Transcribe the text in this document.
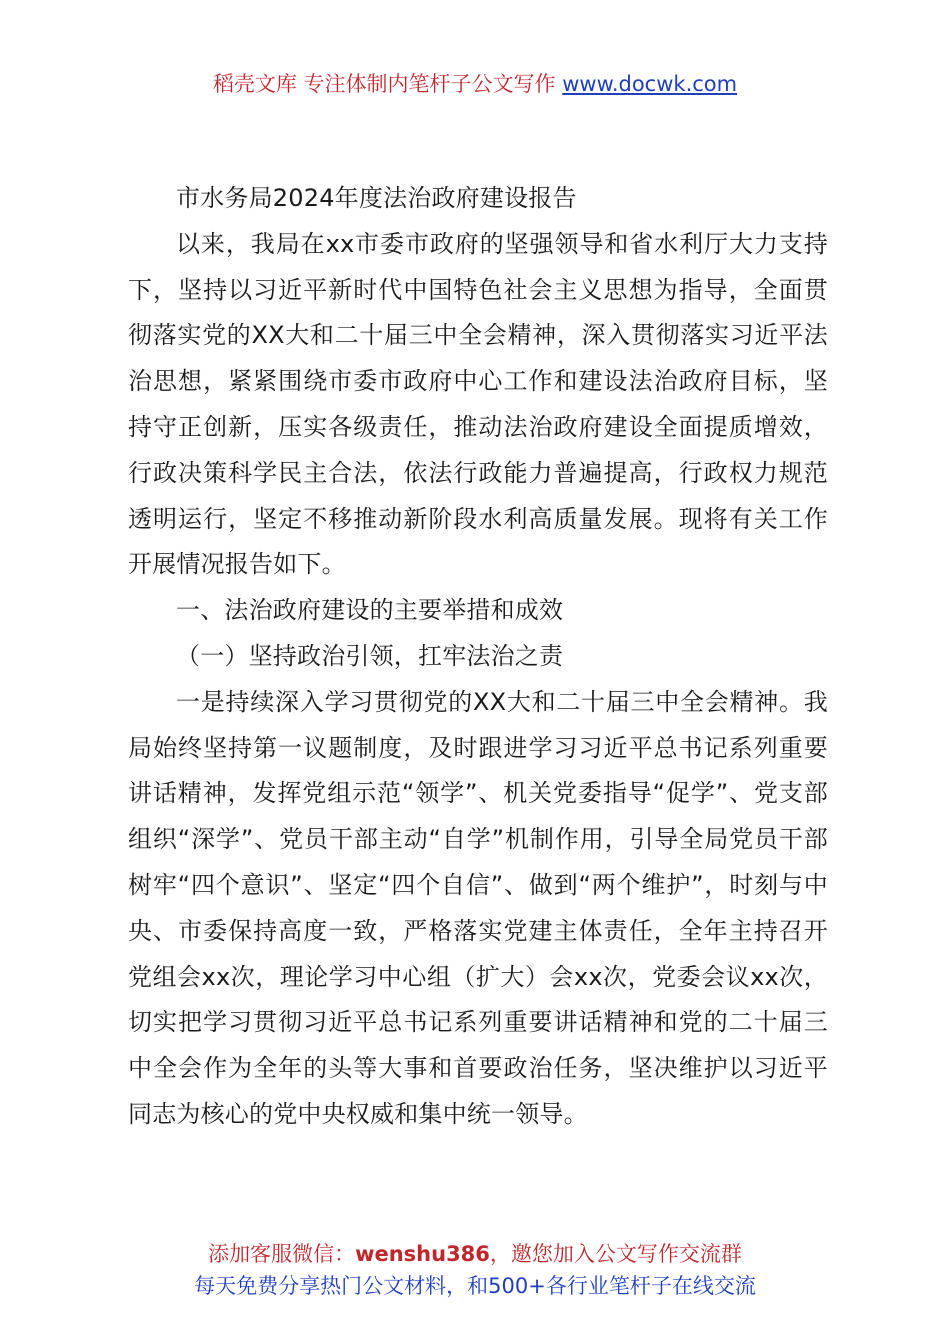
稻壳文库 专注体制内笔杆子公文写作 www.docwk.com

市水务局2024年度法治政府建设报告

以来，我局在xx市委市政府的坚强领导和省水利厅大力支持下，坚持以习近平新时代中国特色社会主义思想为指导，全面贯彻落实党的XX大和二十届三中全会精神，深入贯彻落实习近平法治思想，紧紧围绕市委市政府中心工作和建设法治政府目标，坚持守正创新，压实各级责任，推动法治政府建设全面提质增效，行政决策科学民主合法，依法行政能力普遍提高，行政权力规范透明运行，坚定不移推动新阶段水利高质量发展。现将有关工作开展情况报告如下。

一、法治政府建设的主要举措和成效

（一）坚持政治引领，扛牢法治之责

一是持续深入学习贯彻党的XX大和二十届三中全会精神。我局始终坚持第一议题制度，及时跟进学习习近平总书记系列重要讲话精神，发挥党组示范“领学”、机关党委指导“促学”、党支部组织“深学”、党员干部主动“自学”机制作用，引导全局党员干部树牢“四个意识”、坚定“四个自信”、做到“两个维护”，时刻与中央、市委保持高度一致，严格落实党建主体责任，全年主持召开党组会xx次，理论学习中心组（扩大）会xx次，党委会议xx次，切实把学习贯彻习近平总书记系列重要讲话精神和党的二十届三中全会作为全年的头等大事和首要政治任务，坚决维护以习近平同志为核心的党中央权威和集中统一领导。

添加客服微信：wenshu386，邀您加入公文写作交流群
每天免费分享热门公文材料，和500+各行业笔杆子在线交流
